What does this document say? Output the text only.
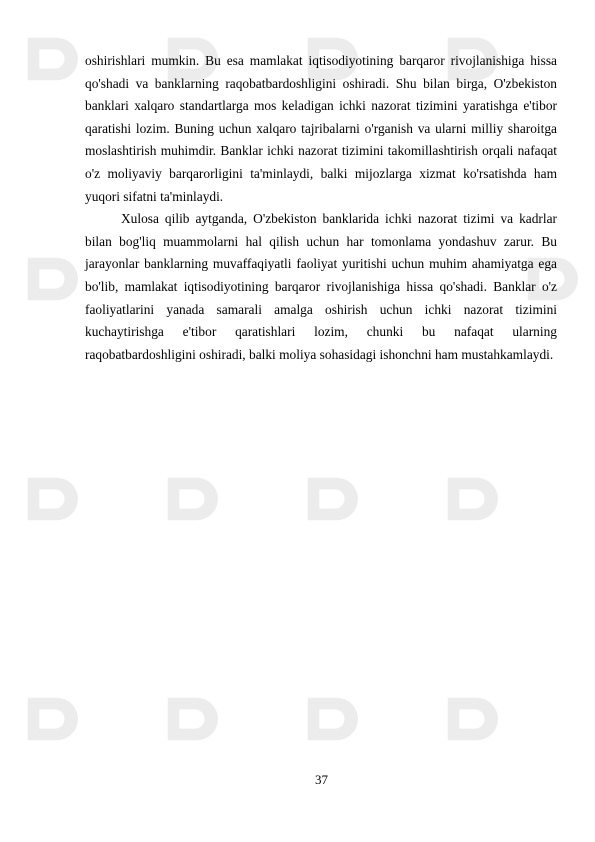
oshirishlari mumkin. Bu esa mamlakat iqtisodiyotining barqaror rivojlanishiga hissa qo'shadi va banklarning raqobatbardoshligini oshiradi. Shu bilan birga, O'zbekiston banklari xalqaro standartlarga mos keladigan ichki nazorat tizimini yaratishga e'tibor qaratishi lozim. Buning uchun xalqaro tajribalarni o'rganish va ularni milliy sharoitga moslashtirish muhimdir. Banklar ichki nazorat tizimini takomillashtirish orqali nafaqat o'z moliyaviy barqarorligini ta'minlaydi, balki mijozlarga xizmat ko'rsatishda ham yuqori sifatni ta'minlaydi.

Xulosa qilib aytganda, O'zbekiston banklarida ichki nazorat tizimi va kadrlar bilan bog'liq muammolarni hal qilish uchun har tomonlama yondashuv zarur. Bu jarayonlar banklarning muvaffaqiyatli faoliyat yuritishi uchun muhim ahamiyatga ega bo'lib, mamlakat iqtisodiyotining barqaror rivojlanishiga hissa qo'shadi. Banklar o'z faoliyatlarini yanada samarali amalga oshirish uchun ichki nazorat tizimini kuchaytirishga e'tibor qaratishlari lozim, chunki bu nafaqat ularning raqobatbardoshligini oshiradi, balki moliya sohasidagi ishonchni ham mustahkamlaydi.

37
